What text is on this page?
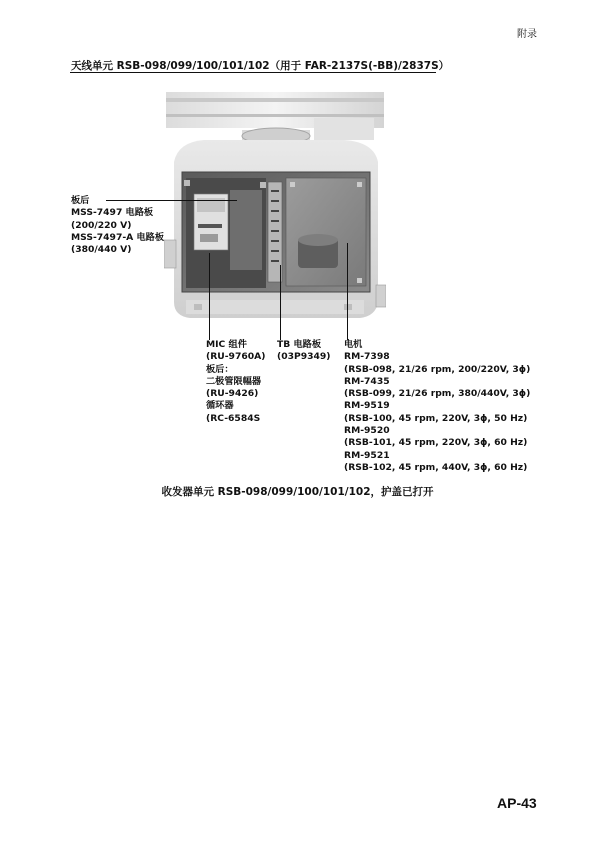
附录
天线单元 RSB-098/099/100/101/102（用于 FAR-2137S(-BB)/2837S）
板后
MSS-7497 电路板
(200/220 V)
MSS-7497-A 电路板
(380/440 V)
MIC 组件
(RU-9760A)
板后：
二极管限幅器
(RU-9426)
循环器
(RC-6584S
TB 电路板
(03P9349)
电机
RM-7398
(RSB-098, 21/26 rpm, 200/220V, 3ϕ)
RM-7435
(RSB-099, 21/26 rpm, 380/440V, 3ϕ)
RM-9519
(RSB-100, 45 rpm, 220V, 3ϕ, 50 Hz)
RM-9520
(RSB-101, 45 rpm, 220V, 3ϕ, 60 Hz)
RM-9521
(RSB-102, 45 rpm, 440V, 3ϕ, 60 Hz)
收发器单元 RSB-098/099/100/101/102，护盖已打开
AP-43
